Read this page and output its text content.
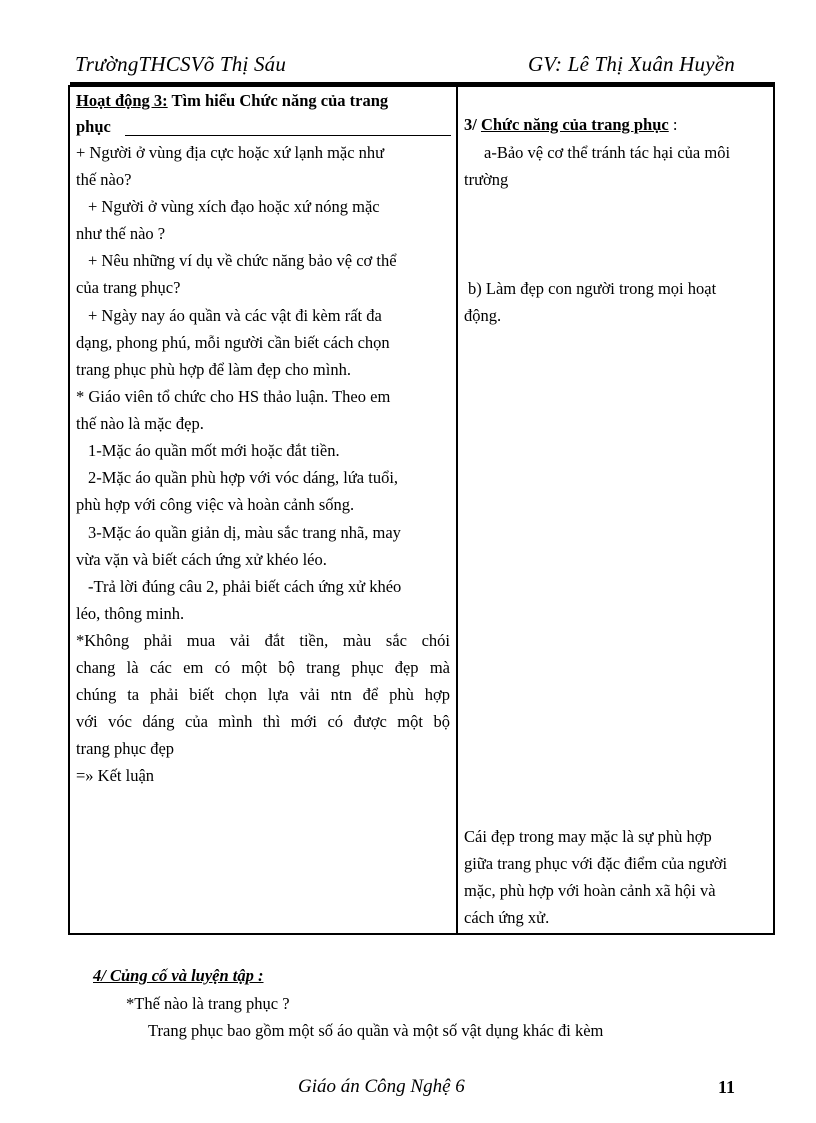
TrườngTHCSVõ Thị Sáu	GV: Lê Thị Xuân Huyền
Hoạt động 3: Tìm hiểu Chức năng của trang
phục
+ Người ở vùng địa cực hoặc xứ lạnh mặc như
thế nào?
+ Người ở vùng xích đạo hoặc xứ nóng mặc
như thế nào ?
+ Nêu những ví dụ về chức năng bảo vệ cơ thể
của trang phục?
+ Ngày nay áo quần và các vật đi kèm rất đa
dạng, phong phú, mỗi người cần biết cách chọn
trang phục phù hợp để làm đẹp cho mình.
* Giáo viên tổ chức cho HS thảo luận. Theo em
thế nào là mặc đẹp.
1-Mặc áo quần mốt mới hoặc đắt tiền.
2-Mặc áo quần phù hợp với vóc dáng, lứa tuổi,
phù hợp với công việc và hoàn cảnh sống.
3-Mặc áo quần giản dị, màu sắc trang nhã, may
vừa vặn và biết cách ứng xử khéo léo.
-Trả lời đúng câu 2, phải biết cách ứng xử khéo
léo, thông minh.
*Không phải mua vải đắt tiền, màu sắc chói
chang là các em có một bộ trang phục đẹp mà
chúng ta phải biết chọn lựa vải ntn để phù hợp
với vóc dáng của mình thì mới có được một bộ
trang phục đẹp
=» Kết luận
3/ Chức năng của trang phục :
a-Bảo vệ cơ thể tránh tác hại của môi
trường
b) Làm đẹp con người trong mọi hoạt
động.
Cái đẹp trong may mặc là sự phù hợp
giữa trang phục với đặc điểm của người
mặc, phù hợp với hoàn cảnh xã hội và
cách ứng xử.
4/ Củng cố và luyện tập :
*Thế nào là trang phục ?
Trang phục bao gồm một số áo quần và một số vật dụng khác đi kèm
Giáo án Công Nghệ 6	11
